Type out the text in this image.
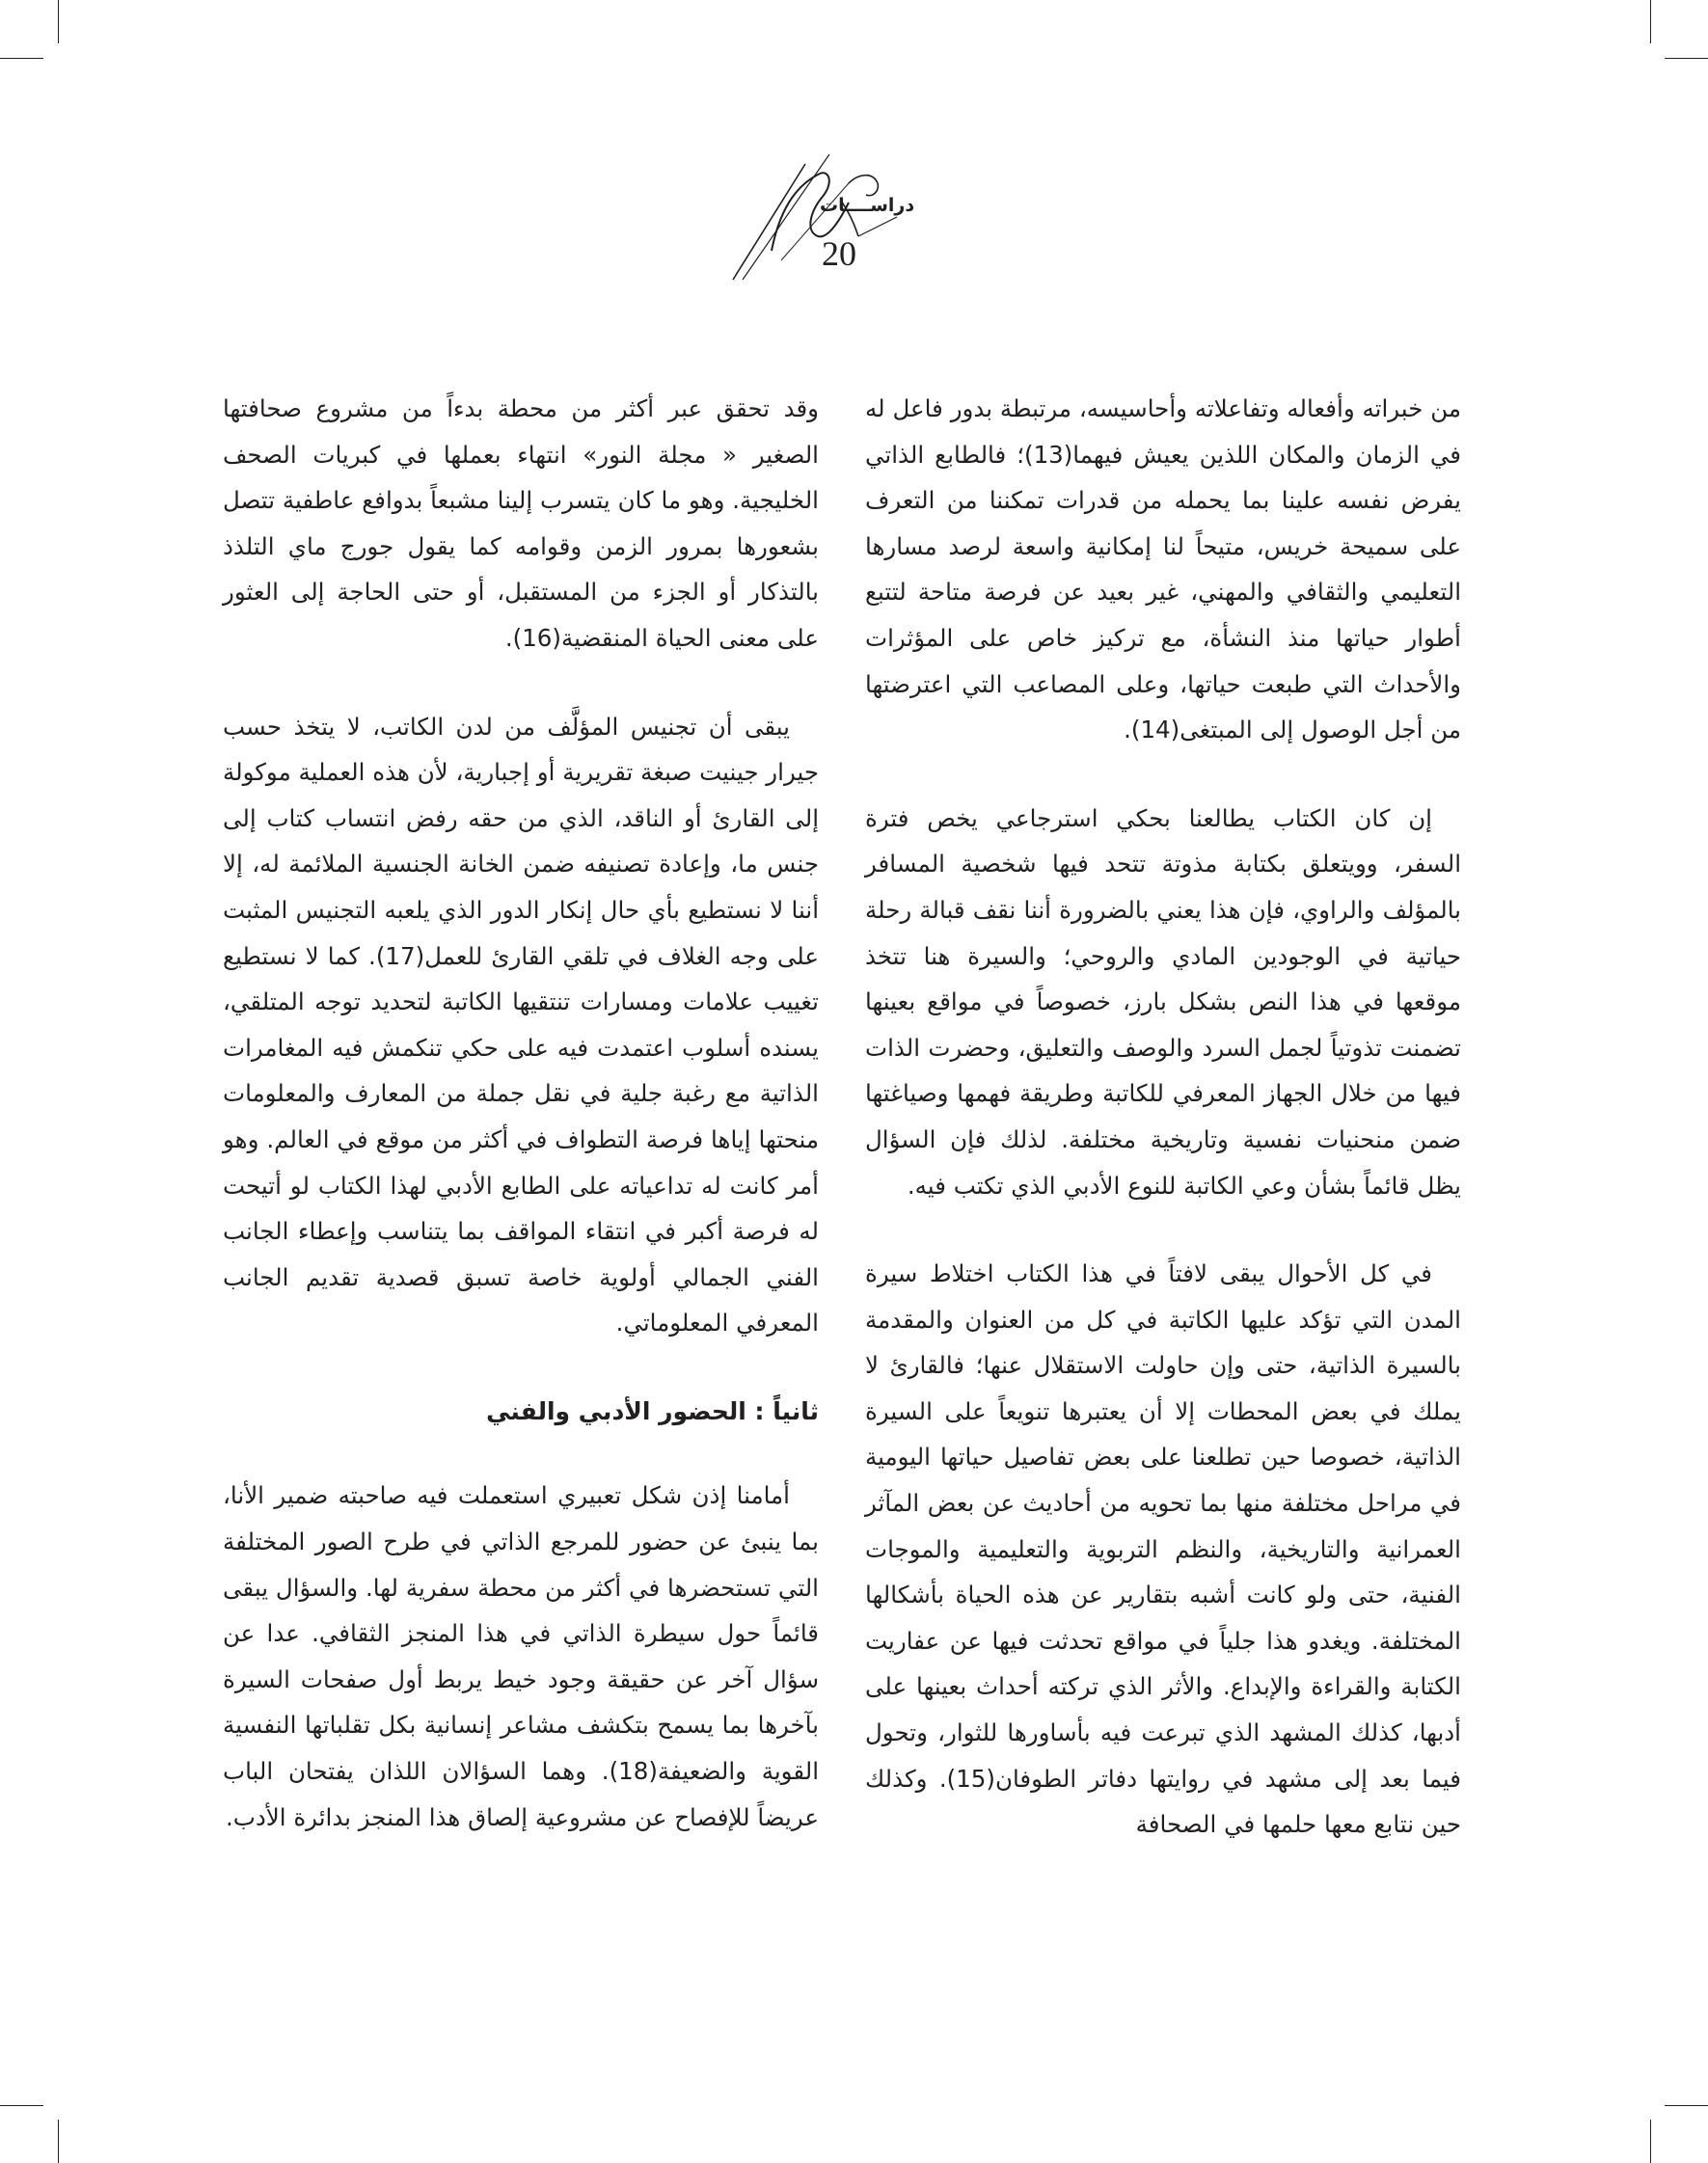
دراســــات
20

من خبراته وأفعاله وتفاعلاته وأحاسيسه، مرتبطة بدور فاعل له في الزمان والمكان اللذين يعيش فيهما(13)؛ فالطابع الذاتي يفرض نفسه علينا بما يحمله من قدرات تمكننا من التعرف على سميحة خريس، متيحاً لنا إمكانية واسعة لرصد مسارها التعليمي والثقافي والمهني، غير بعيد عن فرصة متاحة لتتبع أطوار حياتها منذ النشأة، مع تركيز خاص على المؤثرات والأحداث التي طبعت حياتها، وعلى المصاعب التي اعترضتها من أجل الوصول إلى المبتغى(14).

إن كان الكتاب يطالعنا بحكي استرجاعي يخص فترة السفر، وويتعلق بكتابة مذوتة تتحد فيها شخصية المسافر بالمؤلف والراوي، فإن هذا يعني بالضرورة أننا نقف قبالة رحلة حياتية في الوجودين المادي والروحي؛ والسيرة هنا تتخذ موقعها في هذا النص بشكل بارز، خصوصاً في مواقع بعينها تضمنت تذوتياً لجمل السرد والوصف والتعليق، وحضرت الذات فيها من خلال الجهاز المعرفي للكاتبة وطريقة فهمها وصياغتها ضمن منحنيات نفسية وتاريخية مختلفة. لذلك فإن السؤال يظل قائماً بشأن وعي الكاتبة للنوع الأدبي الذي تكتب فيه.

في كل الأحوال يبقى لافتاً في هذا الكتاب اختلاط سيرة المدن التي تؤكد عليها الكاتبة في كل من العنوان والمقدمة بالسيرة الذاتية، حتى وإن حاولت الاستقلال عنها؛ فالقارئ لا يملك في بعض المحطات إلا أن يعتبرها تنويعاً على السيرة الذاتية، خصوصا حين تطلعنا على بعض تفاصيل حياتها اليومية في مراحل مختلفة منها بما تحويه من أحاديث عن بعض المآثر العمرانية والتاريخية، والنظم التربوية والتعليمية والموجات الفنية، حتى ولو كانت أشبه بتقارير عن هذه الحياة بأشكالها المختلفة. ويغدو هذا جلياً في مواقع تحدثت فيها عن عفاريت الكتابة والقراءة والإبداع. والأثر الذي تركته أحداث بعينها على أدبها، كذلك المشهد الذي تبرعت فيه بأساورها للثوار، وتحول فيما بعد إلى مشهد في روايتها دفاتر الطوفان(15). وكذلك حين نتابع معها حلمها في الصحافة

وقد تحقق عبر أكثر من محطة بدءاً من مشروع صحافتها الصغير « مجلة النور» انتهاء بعملها في كبريات الصحف الخليجية. وهو ما كان يتسرب إلينا مشبعاً بدوافع عاطفية تتصل بشعورها بمرور الزمن وقوامه كما يقول جورج ماي التلذذ بالتذكار أو الجزء من المستقبل، أو حتى الحاجة إلى العثور على معنى الحياة المنقضية(16).

يبقى أن تجنيس المؤلَّف من لدن الكاتب، لا يتخذ حسب جيرار جينيت صبغة تقريرية أو إجبارية، لأن هذه العملية موكولة إلى القارئ أو الناقد، الذي من حقه رفض انتساب كتاب إلى جنس ما، وإعادة تصنيفه ضمن الخانة الجنسية الملائمة له، إلا أننا لا نستطيع بأي حال إنكار الدور الذي يلعبه التجنيس المثبت على وجه الغلاف في تلقي القارئ للعمل(17). كما لا نستطيع تغييب علامات ومسارات تنتقيها الكاتبة لتحديد توجه المتلقي، يسنده أسلوب اعتمدت فيه على حكي تنكمش فيه المغامرات الذاتية مع رغبة جلية في نقل جملة من المعارف والمعلومات منحتها إياها فرصة التطواف في أكثر من موقع في العالم. وهو أمر كانت له تداعياته على الطابع الأدبي لهذا الكتاب لو أتيحت له فرصة أكبر في انتقاء المواقف بما يتناسب وإعطاء الجانب الفني الجمالي أولوية خاصة تسبق قصدية تقديم الجانب المعرفي المعلوماتي.

ثانياً : الحضور الأدبي والفني

أمامنا إذن شكل تعبيري استعملت فيه صاحبته ضمير الأنا، بما ينبئ عن حضور للمرجع الذاتي في طرح الصور المختلفة التي تستحضرها في أكثر من محطة سفرية لها. والسؤال يبقى قائماً حول سيطرة الذاتي في هذا المنجز الثقافي. عدا عن سؤال آخر عن حقيقة وجود خيط يربط أول صفحات السيرة بآخرها بما يسمح بتكشف مشاعر إنسانية بكل تقلباتها النفسية القوية والضعيفة(18). وهما السؤالان اللذان يفتحان الباب عريضاً للإفصاح عن مشروعية إلصاق هذا المنجز بدائرة الأدب.
